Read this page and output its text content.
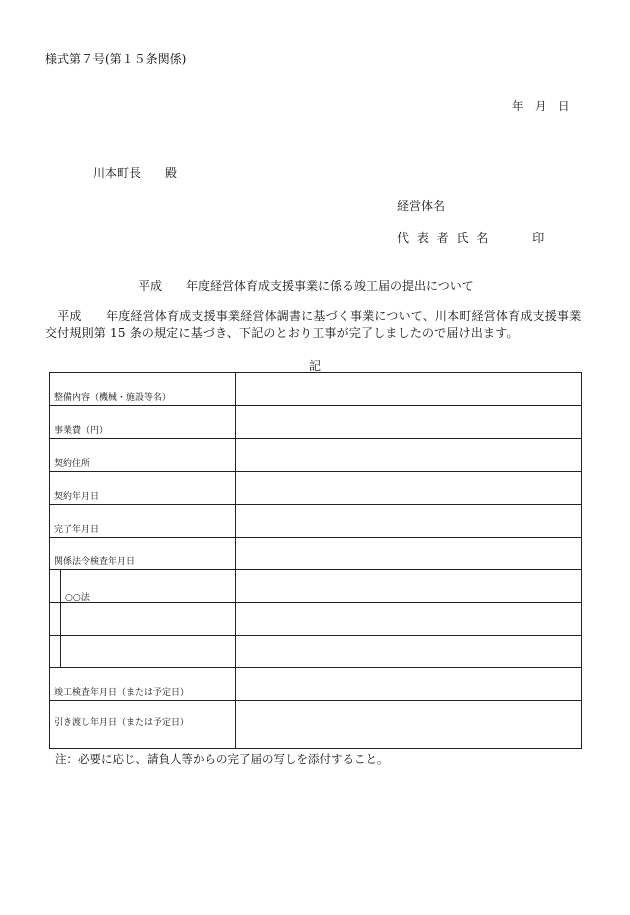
様式第７号(第１５条関係)
年　月　日
川本町長　　殿
経営体名
代 表 者 氏 名　　　印
平成　　年度経営体育成支援事業に係る竣工届の提出について
　平成　　年度経営体育成支援事業経営体調書に基づく事業について、川本町経営体育成支援事業交付規則第 15 条の規定に基づき、下記のとおり工事が完了しましたので届け出ます。
記
整備内容（機械・施設等名）
事業費（円）
契約住所
契約年月日
完了年月日
関係法令検査年月日
○○法
竣工検査年月日（または予定日）
引き渡し年月日（または予定日）
注：必要に応じ、請負人等からの完了届の写しを添付すること。
